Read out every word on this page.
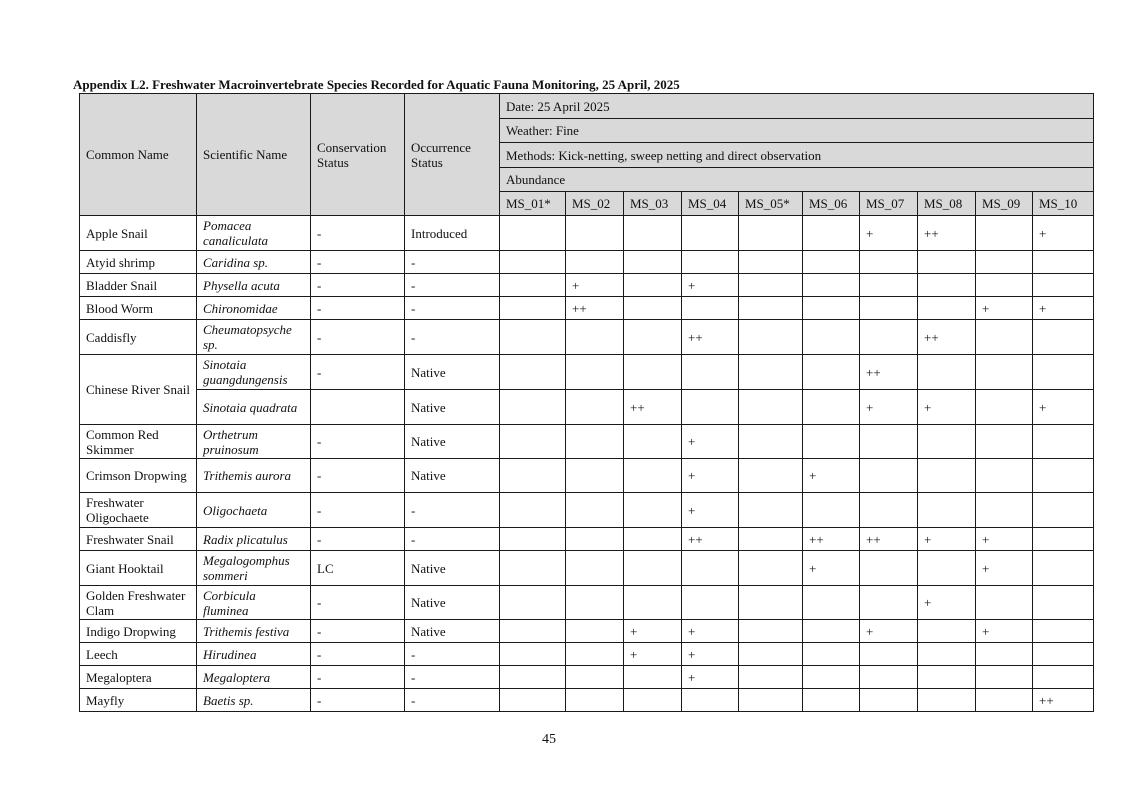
Appendix L2. Freshwater Macroinvertebrate Species Recorded for Aquatic Fauna Monitoring, 25 April, 2025
Common Name	Scientific Name	Conservation Status	Occurrence Status	Date: 25 April 2025									
				Weather: Fine									
				Methods: Kick-netting, sweep netting and direct observation									
				Abundance									
				MS_01*	MS_02	MS_03	MS_04	MS_05*	MS_06	MS_07	MS_08	MS_09	MS_10
Apple Snail	Pomacea canaliculata	-	Introduced							+	++		+
Atyid shrimp	Caridina sp.	-	-										
Bladder Snail	Physella acuta	-	-		+		+						
Blood Worm	Chironomidae	-	-		++							+	+
Caddisfly	Cheumatopsyche sp.	-	-				++				++		
Chinese River Snail	Sinotaia guangdungensis	-	Native							++			
	Sinotaia quadrata		Native			++				+	+		+
Common Red Skimmer	Orthetrum pruinosum	-	Native				+						
Crimson Dropwing	Trithemis aurora	-	Native				+		+				
Freshwater Oligochaete	Oligochaeta	-	-				+						
Freshwater Snail	Radix plicatulus	-	-				++		++	++	+	+	
Giant Hooktail	Megalogomphus sommeri	LC	Native						+			+	
Golden Freshwater Clam	Corbicula fluminea	-	Native								+		
Indigo Dropwing	Trithemis festiva	-	Native			+	+			+		+	
Leech	Hirudinea	-	-			+	+						
Megaloptera	Megaloptera	-	-				+						
Mayfly	Baetis sp.	-	-										++
45
